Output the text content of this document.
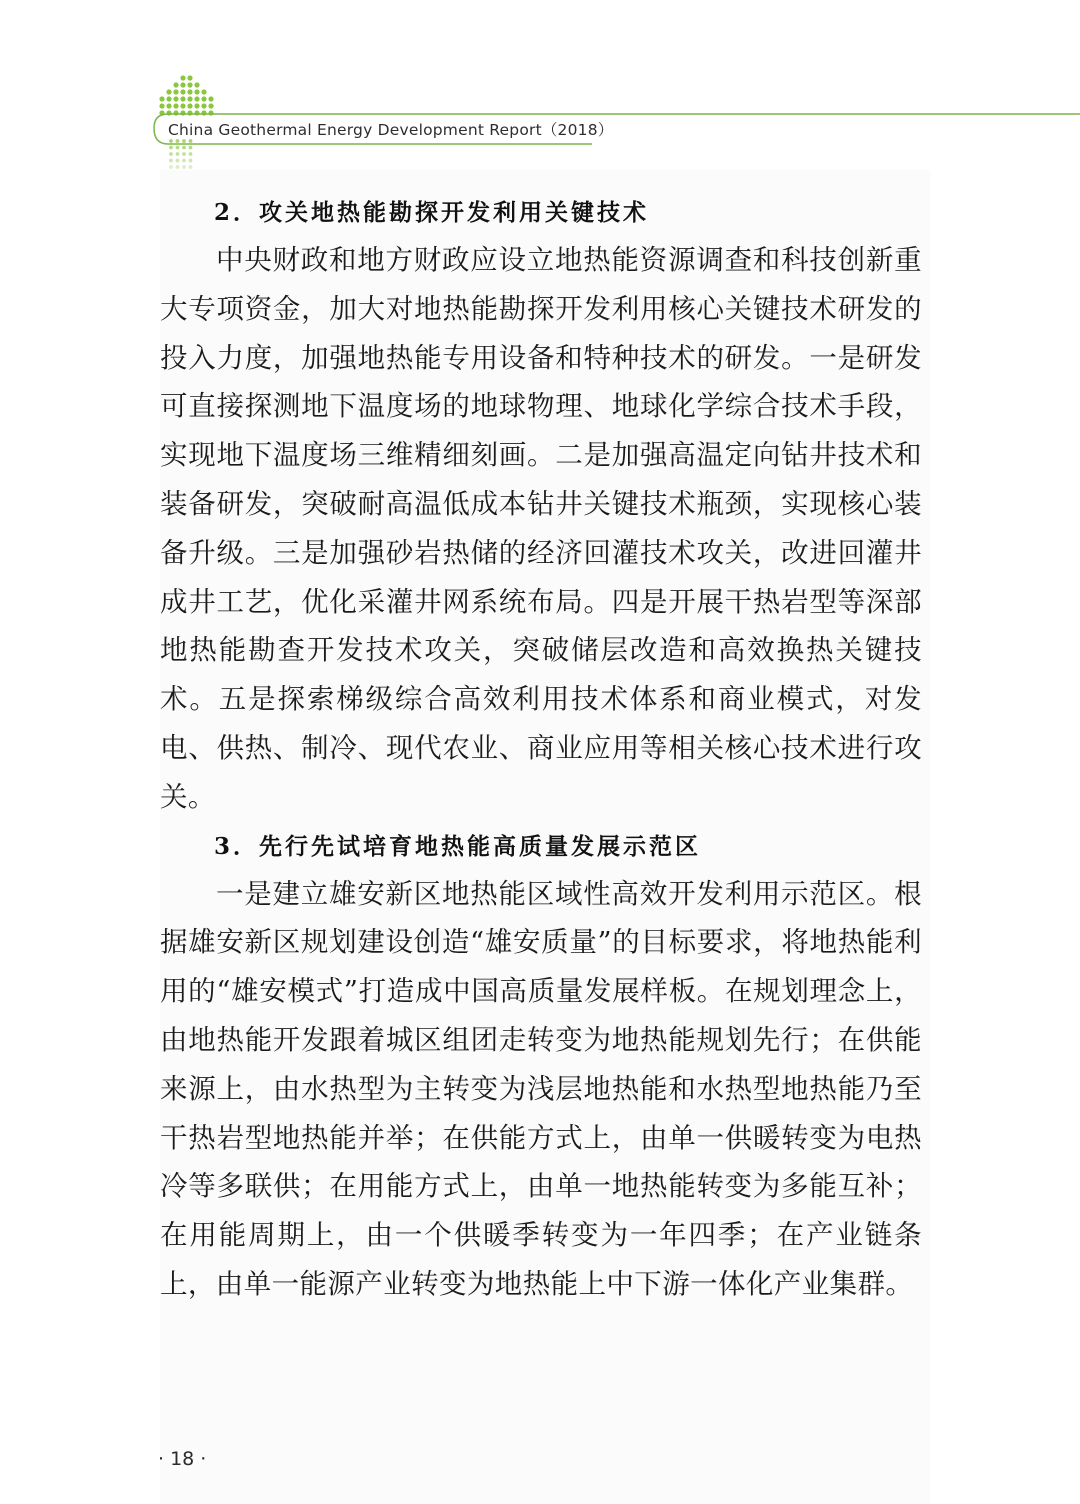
China Geothermal Energy Development Report（2018）
2．攻关地热能勘探开发利用关键技术

中央财政和地方财政应设立地热能资源调查和科技创新重大专项资金，加大对地热能勘探开发利用核心关键技术研发的投入力度，加强地热能专用设备和特种技术的研发。一是研发可直接探测地下温度场的地球物理、地球化学综合技术手段，实现地下温度场三维精细刻画。二是加强高温定向钻井技术和装备研发，突破耐高温低成本钻井关键技术瓶颈，实现核心装备升级。三是加强砂岩热储的经济回灌技术攻关，改进回灌井成井工艺，优化采灌井网系统布局。四是开展干热岩型等深部地热能勘查开发技术攻关，突破储层改造和高效换热关键技术。五是探索梯级综合高效利用技术体系和商业模式，对发电、供热、制冷、现代农业、商业应用等相关核心技术进行攻关。

3．先行先试培育地热能高质量发展示范区

一是建立雄安新区地热能区域性高效开发利用示范区。根据雄安新区规划建设创造“雄安质量”的目标要求，将地热能利用的“雄安模式”打造成中国高质量发展样板。在规划理念上，由地热能开发跟着城区组团走转变为地热能规划先行；在供能来源上，由水热型为主转变为浅层地热能和水热型地热能乃至干热岩型地热能并举；在供能方式上，由单一供暖转变为电热冷等多联供；在用能方式上，由单一地热能转变为多能互补；在用能周期上，由一个供暖季转变为一年四季；在产业链条上，由单一能源产业转变为地热能上中下游一体化产业集群。

· 18 ·
